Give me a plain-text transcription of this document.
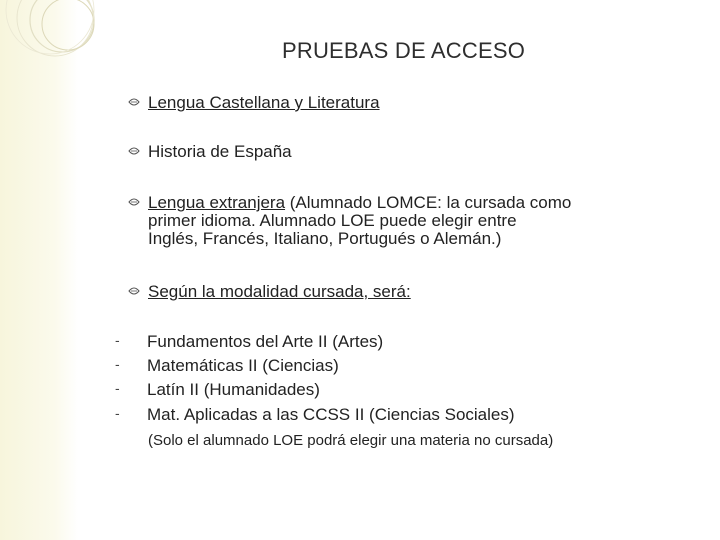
PRUEBAS DE ACCESO
Lengua Castellana y Literatura
Historia de España
Lengua extranjera (Alumnado LOMCE: la cursada como
primer idioma. Alumnado LOE puede elegir entre
Inglés, Francés, Italiano, Portugués o Alemán.)
Según la modalidad cursada, será:
- Fundamentos del Arte II (Artes)
- Matemáticas II (Ciencias)
- Latín II (Humanidades)
- Mat. Aplicadas a las CCSS II (Ciencias Sociales)
(Solo el alumnado LOE podrá elegir una materia no cursada)
